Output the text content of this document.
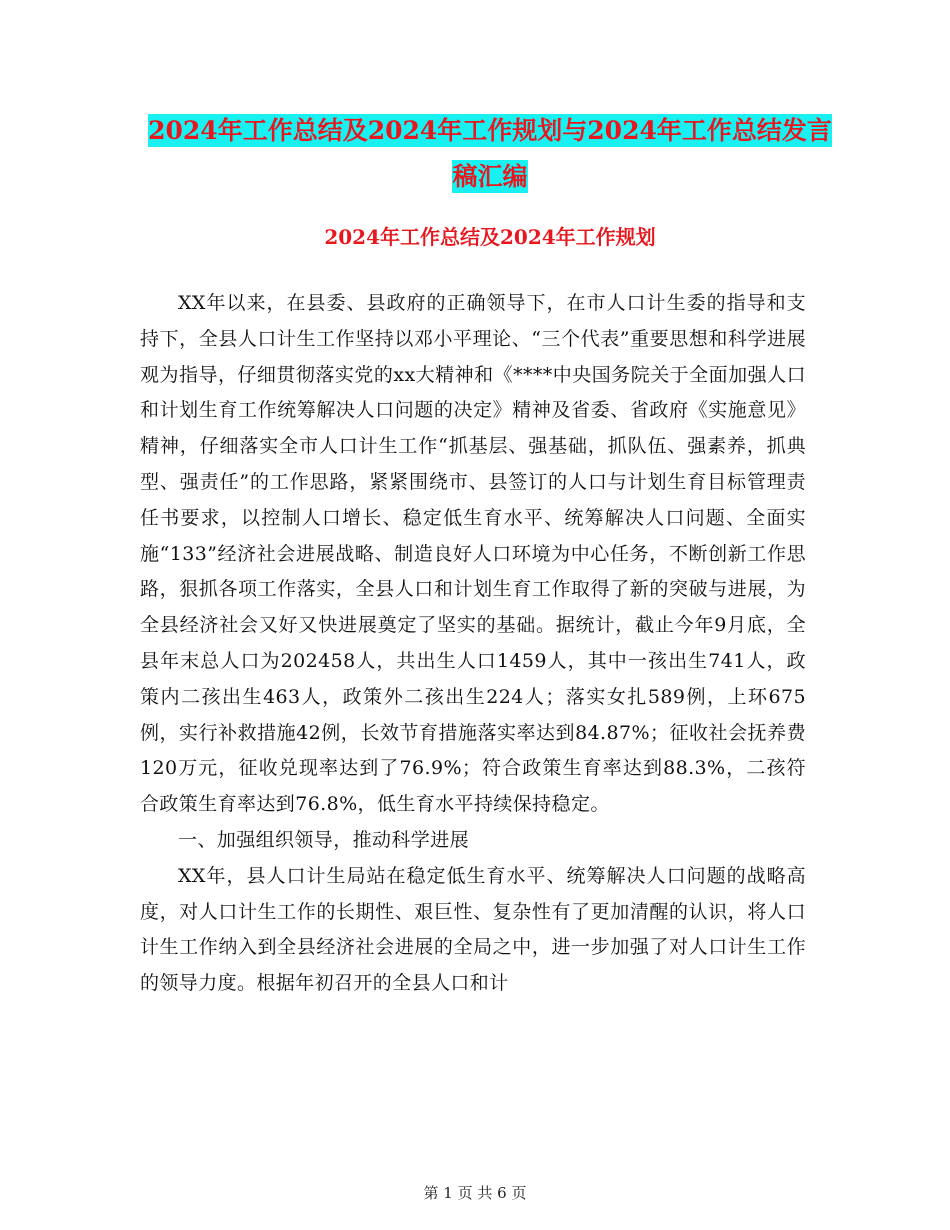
2024年工作总结及2024年工作规划与2024年工作总结发言稿汇编
2024年工作总结及2024年工作规划

XX年以来，在县委、县政府的正确领导下，在市人口计生委的指导和支持下，全县人口计生工作坚持以邓小平理论、“三个代表”重要思想和科学进展观为指导，仔细贯彻落实党的xx大精神和《****中央国务院关于全面加强人口和计划生育工作统筹解决人口问题的决定》精神及省委、省政府《实施意见》精神，仔细落实全市人口计生工作“抓基层、强基础，抓队伍、强素养，抓典型、强责任”的工作思路，紧紧围绕市、县签订的人口与计划生育目标管理责任书要求，以控制人口增长、稳定低生育水平、统筹解决人口问题、全面实施“133”经济社会进展战略、制造良好人口环境为中心任务，不断创新工作思路，狠抓各项工作落实，全县人口和计划生育工作取得了新的突破与进展，为全县经济社会又好又快进展奠定了坚实的基础。据统计，截止今年9月底，全县年末总人口为202458人，共出生人口1459人，其中一孩出生741人，政策内二孩出生463人，政策外二孩出生224人；落实女扎589例，上环675例，实行补救措施42例，长效节育措施落实率达到84.87%；征收社会抚养费120万元，征收兑现率达到了76.9%；符合政策生育率达到88.3%，二孩符合政策生育率达到76.8%，低生育水平持续保持稳定。

一、加强组织领导，推动科学进展

XX年，县人口计生局站在稳定低生育水平、统筹解决人口问题的战略高度，对人口计生工作的长期性、艰巨性、复杂性有了更加清醒的认识，将人口计生工作纳入到全县经济社会进展的全局之中，进一步加强了对人口计生工作的领导力度。根据年初召开的全县人口和计

第 1 页 共 6 页
